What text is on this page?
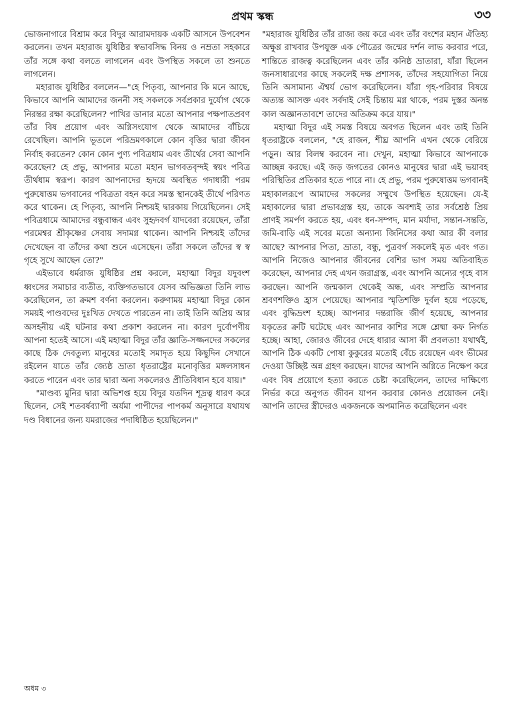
প্রথম স্কন্ধ	৩৩

ভোজনাগারে বিশ্রাম করে বিদুর আরামদায়ক একটি আসনে উপবেশন করলেন। তখন মহারাজ যুধিষ্ঠির স্বভাবসিদ্ধ বিনয় ও নম্রতা সহকারে তাঁর সঙ্গে কথা বলতে লাগলেন এবং উপস্থিত সকলে তা শুনতে লাগলেন।

মহারাজ যুধিষ্ঠির বললেন—"হে পিতৃব্য, আপনার কি মনে আছে, কিভাবে আপনি আমাদের জননী সহ সকলকে সর্বপ্রকার দুর্যোগ থেকে নিরন্তর রক্ষা করেছিলেন? পাখির ডানার মতো আপনার পক্ষপাতপ্রবণ তাঁর বিষ প্রয়োগ এবং অগ্নিসংযোগ থেকে আমাদের বাঁচিয়ে রেখেছিল। আপনি ভূতলে পরিভ্রমণকালে কোন বৃত্তির দ্বারা জীবন নির্বাহ করতেন? কোন কোন পুণ্য পবিত্রধাম এবং তীর্থের সেবা আপনি করেছেন? হে প্রভু, আপনার মতো মহান ভাগবতবৃন্দই স্বয়ং পবিত্র তীর্থধাম স্বরূপ। কারণ আপনাদের হৃদয়ে অবস্থিত গদাধারী পরম পুরুষোত্তম ভগবানের পবিত্রতা বহন করে সমস্ত স্থানকেই তীর্থে পরিণত করে থাকেন। হে পিতৃব্য, আপনি নিশ্চয়ই দ্বারকায় গিয়েছিলেন। সেই পবিত্রধামে আমাদের বন্ধুবান্ধব এবং সুহৃদবর্গ যাদবেরা রয়েছেন, তাঁরা পরমেশ্বর শ্রীকৃষ্ণের সেবায় সদামগ্ন থাকেন। আপনি নিশ্চয়ই তাঁদের দেখেছেন বা তাঁদের কথা শুনে এসেছেন। তাঁরা সকলে তাঁদের স্ব স্ব গৃহে সুখে আছেন তো?"

এইভাবে ধর্মরাজ যুধিষ্ঠির প্রশ্ন করলে, মহাত্মা বিদুর যদুবংশ ধ্বংসের সমাচার ব্যতীত, ব্যক্তিগতভাবে যেসব অভিজ্ঞতা তিনি লাভ করেছিলেন, তা ক্রমশ বর্ণনা করলেন। করুণাময় মহাত্মা বিদুর কোন সময়ই পাণ্ডবদের দুঃখিত দেখতে পারতেন না। তাই তিনি অপ্রিয় আর অসহনীয় এই ঘটনার কথা প্রকাশ করলেন না। কারণ দুর্বোপণীয় আপনা হতেই আসে। এই মহাত্মা বিদুর তাঁর জ্ঞাতি-সজ্জনদের সকলের কাছে ঠিক দেবতুল্য মানুষের মতোই সমাদৃত হয়ে কিছুদিন সেখানে রইলেন যাতে তাঁর জ্যেষ্ঠ ভ্রাতা ধৃতরাষ্ট্রের মনোবৃত্তির মঙ্গলসাধন করতে পারেন এবং তার দ্বারা অন্য সকলেরও প্রীতিবিধান হবে যায়।"

"মাণ্ডব্য মুনির দ্বারা অভিশপ্ত হয়ে বিদুর যতদিন শূদ্রত্ব ধারণ করে ছিলেন, সেই শতবর্ষব্যাপী অর্যমা পাপীদের পাপকর্ম অনুসারে যথাযথ দণ্ড বিধানের জন্য যমরাজের পদাধিষ্ঠিত হয়েছিলেন।"

"মহারাজ যুধিষ্ঠির তাঁর রাজ্য জয় করে এবং তাঁর বংশের মহান ঐতিহ্য অক্ষুণ্ণ রাখবার উপযুক্ত এক পৌত্রের জন্মের দর্শন লাভ করবার পরে, শান্তিতে রাজত্ব করেছিলেন এবং তাঁর কনিষ্ঠ ভ্রাতারা, যাঁরা ছিলেন জনসাধারণের কাছে সকলেই দক্ষ প্রশাসক, তাঁদের সহযোগিতা নিয়ে তিনি অসামান্য ঐশ্বর্য ভোগ করেছিলেন। যাঁরা গৃহ-পরিবার বিষয়ে অত্যন্ত আসক্ত এবং সর্বদাই সেই চিন্তায় মগ্ন থাকে, পরম দুস্তর অনন্ত কাল অজ্ঞানতাবশে তাদের অতিক্রম করে যায়।"

মহাত্মা বিদুর এই সমস্ত বিষয়ে অবগত ছিলেন এবং তাই তিনি ধৃতরাষ্ট্রকে বললেন, "হে রাজন, শীঘ্র আপনি এখন থেকে বেরিয়ে পড়ুন। আর বিলম্ব করবেন না। দেখুন, মহাত্মা কিভাবে আপনাকে আচ্ছন্ন করছে। এই জড় জগতের কোনও মানুষের দ্বারা এই ভয়াবহ পরিস্থিতির প্রতিকার হতে পারে না। হে প্রভু, পরম পুরুষোত্তম ভগবানই মহাকালরূপে আমাদের সকলের সম্মুখে উপস্থিত হয়েছেন। যে-ই মহাকালের দ্বারা প্রভাবগ্রস্ত হয়, তাকে অবশ্যই তার সর্বশ্রেষ্ঠ প্রিয় প্রাণই সমর্পণ করতে হয়, এবং ধন-সম্পদ, মান মর্যাদা, সন্তান-সন্ততি, জমি-বাড়ি এই সবের মতো অন্যান্য জিনিসের কথা আর কী বলার আছে? আপনার পিতা, ভ্রাতা, বন্ধু, পুত্রবর্গ সকলেই মৃত এবং গত। আপনি নিজেও আপনার জীবনের বেশির ভাগ সময় অতিবাহিত করেছেন, আপনার দেহ এখন জরাগ্রস্ত, এবং আপনি অন্যের গৃহে বাস করছেন। আপনি জন্মকাল থেকেই অন্ধ, এবং সম্প্রতি আপনার শ্রবণশক্তিও হ্রাস পেয়েছে। আপনার স্মৃতিশক্তি দুর্বল হয়ে পড়েছে, এবং বুদ্ধিভ্রংশ হচ্ছে। আপনার দন্তরাজি জীর্ণ হয়েছে, আপনার যকৃতের ক্রটি ঘটেছে এবং আপনার কাশির সঙ্গে শ্লেষ্মা কফ নির্গত হচ্ছে। আহা, জোরও জীবের দেহে ধারার আসা কী প্রবলতা! যথার্থই, আপনি ঠিক একটি পোষা কুকুরের মতোই বেঁচে রয়েছেন এবং ভীমের দেওয়া উচ্ছিষ্ট অন্ন গ্রহণ করছেন। যাদের আপনি অগ্নিতে নিক্ষেপ করে এবং বিষ প্রয়োগে হত্যা করতে চেষ্টা করেছিলেন, তাদের দাক্ষিণ্যে নির্ভর করে অনুগত জীবন যাপন করবার কোনও প্রয়োজন নেই। আপনি তাদের স্ত্রীদেরও একজনকে অপমানিত করেছিলেন এবং

অধম ৩
